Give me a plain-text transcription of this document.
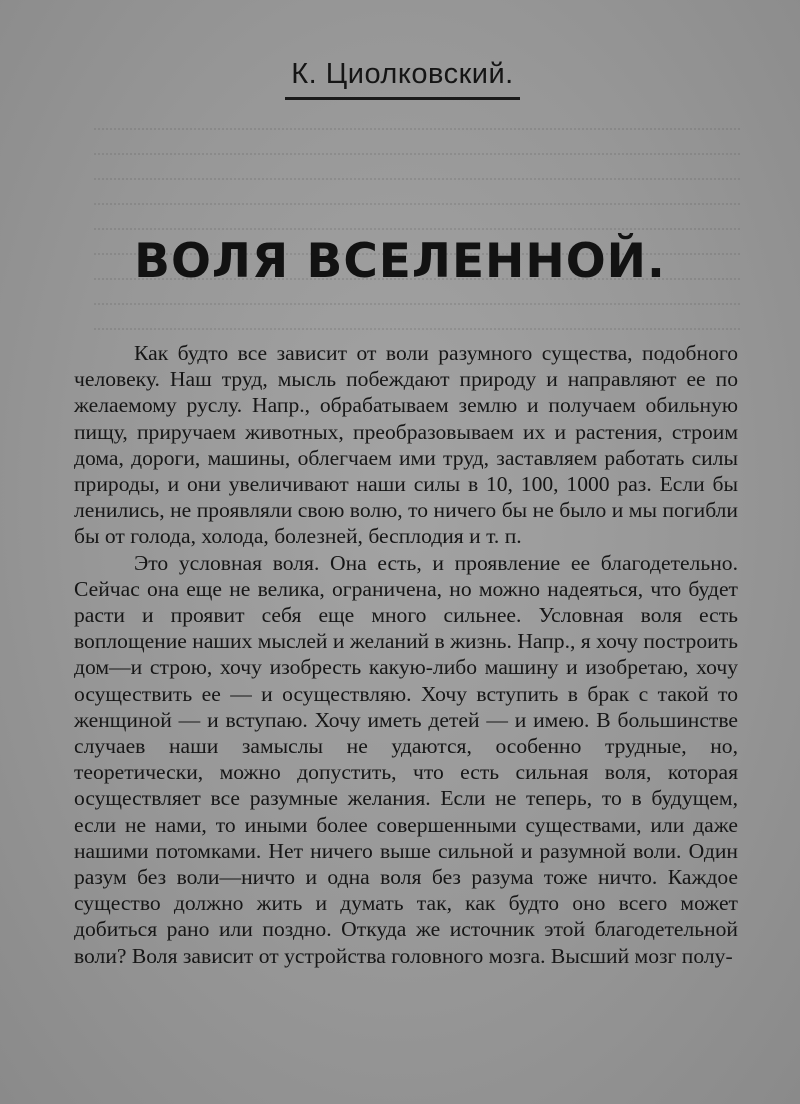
К. Циолковский.
ВОЛЯ ВСЕЛЕННОЙ.

Как будто все зависит от воли разумного существа, подобного человеку. Наш труд, мысль побеждают природу и направляют ее по желаемому руслу. Напр., обрабатываем землю и получаем обильную пищу, приручаем животных, преобразовываем их и растения, строим дома, дороги, машины, облегчаем ими труд, заставляем работать силы природы, и они увеличивают наши силы в 10, 100, 1000 раз. Если бы ленились, не проявляли свою волю, то ничего бы не было и мы погибли бы от голода, холода, болезней, бесплодия и т. п.

Это условная воля. Она есть, и проявление ее благодетельно. Сейчас она еще не велика, ограничена, но можно надеяться, что будет расти и проявит себя еще много сильнее. Условная воля есть воплощение наших мыслей и желаний в жизнь. Напр., я хочу построить дом—и строю, хочу изобресть какую-либо машину и изобретаю, хочу осуществить ее — и осуществляю. Хочу вступить в брак с такой то женщиной — и вступаю. Хочу иметь детей — и имею. В большинстве случаев наши замыслы не удаются, особенно трудные, но, теоретически, можно допустить, что есть сильная воля, которая осуществляет все разумные желания. Если не теперь, то в будущем, если не нами, то иными более совершенными существами, или даже нашими потомками. Нет ничего выше сильной и разумной воли. Один разум без воли—ничто и одна воля без разума тоже ничто. Каждое существо должно жить и думать так, как будто оно всего может добиться рано или поздно. Откуда же источник этой благодетельной воли? Воля зависит от устройства головного мозга. Высший мозг полу-
